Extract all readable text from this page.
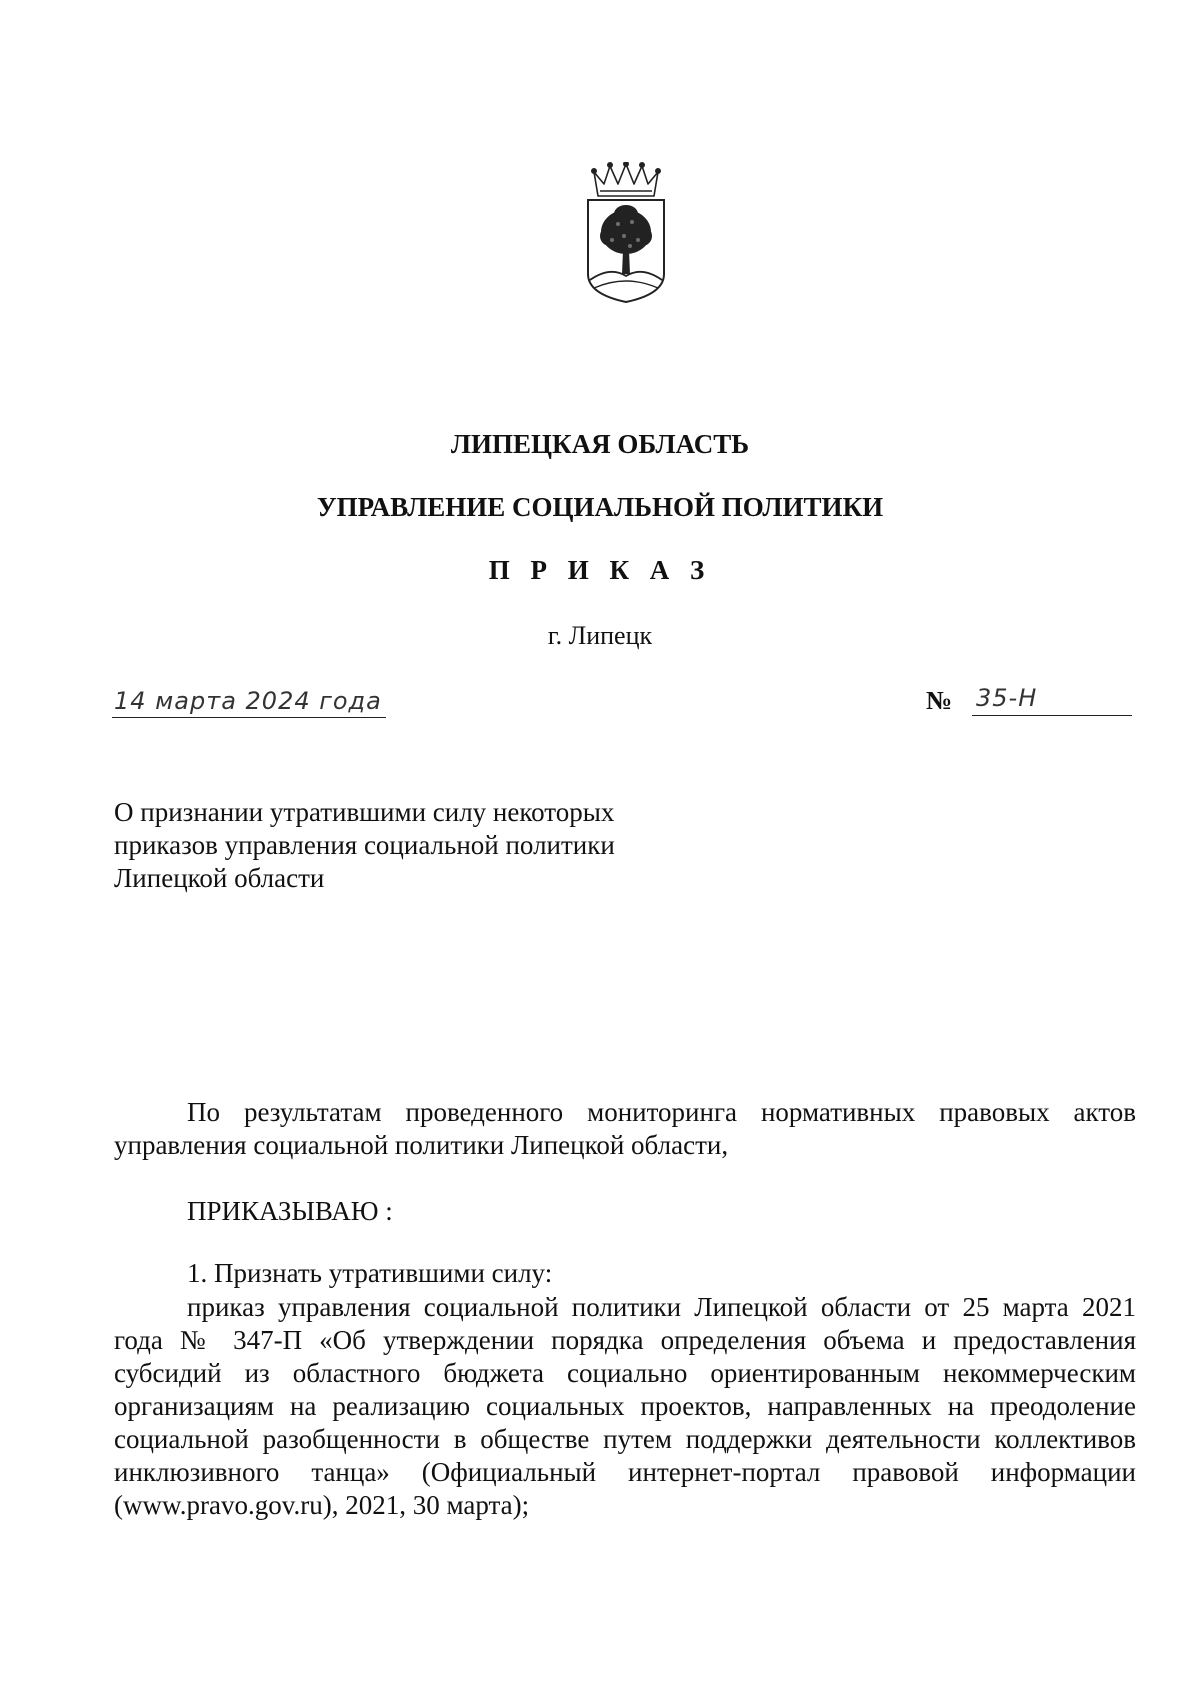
ЛИПЕЦКАЯ ОБЛАСТЬ
УПРАВЛЕНИЕ СОЦИАЛЬНОЙ ПОЛИТИКИ
П Р И К А З
г. Липецк
14 марта 2024 года	№ 35-Н
О признании утратившими силу некоторых
приказов управления социальной политики
Липецкой области
По результатам проведенного мониторинга нормативных правовых актов
управления социальной политики Липецкой области,
ПРИКАЗЫВАЮ :
1. Признать утратившими силу:
приказ управления социальной политики Липецкой области от 25 марта 2021
года № 347-П «Об утверждении порядка определения объема и предоставления
субсидий из областного бюджета социально ориентированным некоммерческим
организациям на реализацию социальных проектов, направленных на преодоление
социальной разобщенности в обществе путем поддержки деятельности коллективов
инклюзивного танца» (Официальный интернет-портал правовой информации
(www.pravo.gov.ru), 2021, 30 марта);
